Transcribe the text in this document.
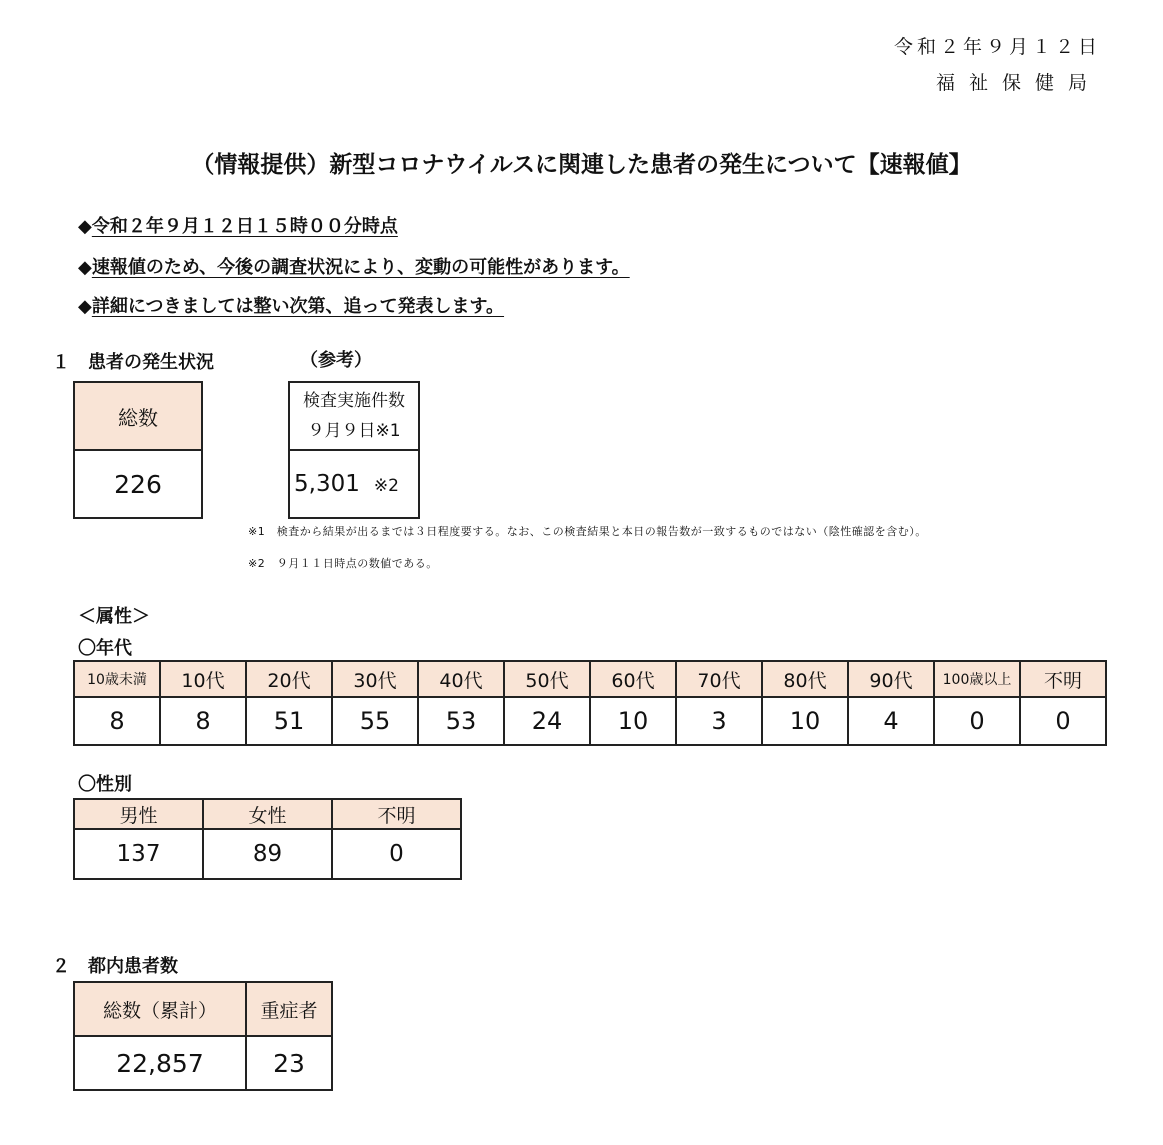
令和２年９月１２日
福祉保健局
（情報提供）新型コロナウイルスに関連した患者の発生について【速報値】
◆令和２年９月１２日１５時００分時点
◆速報値のため、今後の調査状況により、変動の可能性があります。
◆詳細につきましては整い次第、追って発表します。
１　患者の発生状況	（参考）
総数
226
検査実施件数
９月９日※1

5,301 ※2
※1　検査から結果が出るまでは３日程度要する。なお、この検査結果と本日の報告数が一致するものではない（陰性確認を含む）。
※2　９月１１日時点の数値である。
＜属性＞
〇年代
10歳未満	10代	20代	30代	40代	50代	60代	70代	80代	90代	100歳以上	不明
8	8	51	55	53	24	10	3	10	4	0	0
〇性別
男性	女性	不明
137	89	0
２　都内患者数
総数（累計）	重症者
22,857	23
